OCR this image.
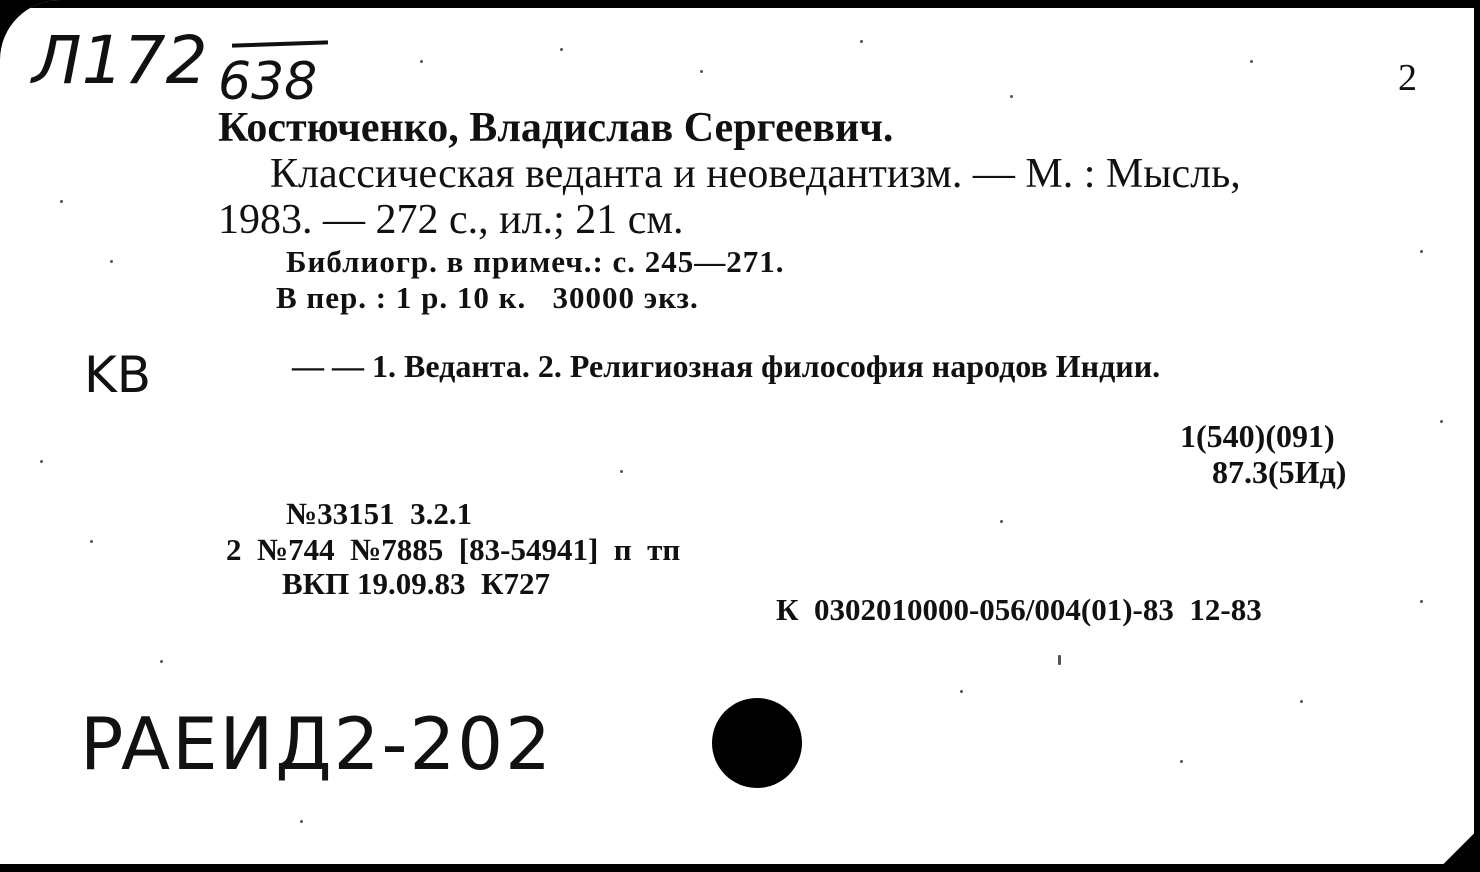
Л172 638
KB
PAEИД2-202
2
Костюченко, Владислав Сергеевич.
Классическая веданта и неоведантизм. — М. : Мысль,
1983. — 272 с., ил.; 21 см.
Библиогр. в примеч.: с. 245—271.
В пер. : 1 р. 10 к.   30000 экз.
— — 1. Веданта. 2. Религиозная философия народов Индии.
1(540)(091)
87.3(5Ид)
№33151  3.2.1
2  №744  №7885  [83-54941]  п  тп
ВКП 19.09.83  К727
К  0302010000-056/004(01)-83  12-83
